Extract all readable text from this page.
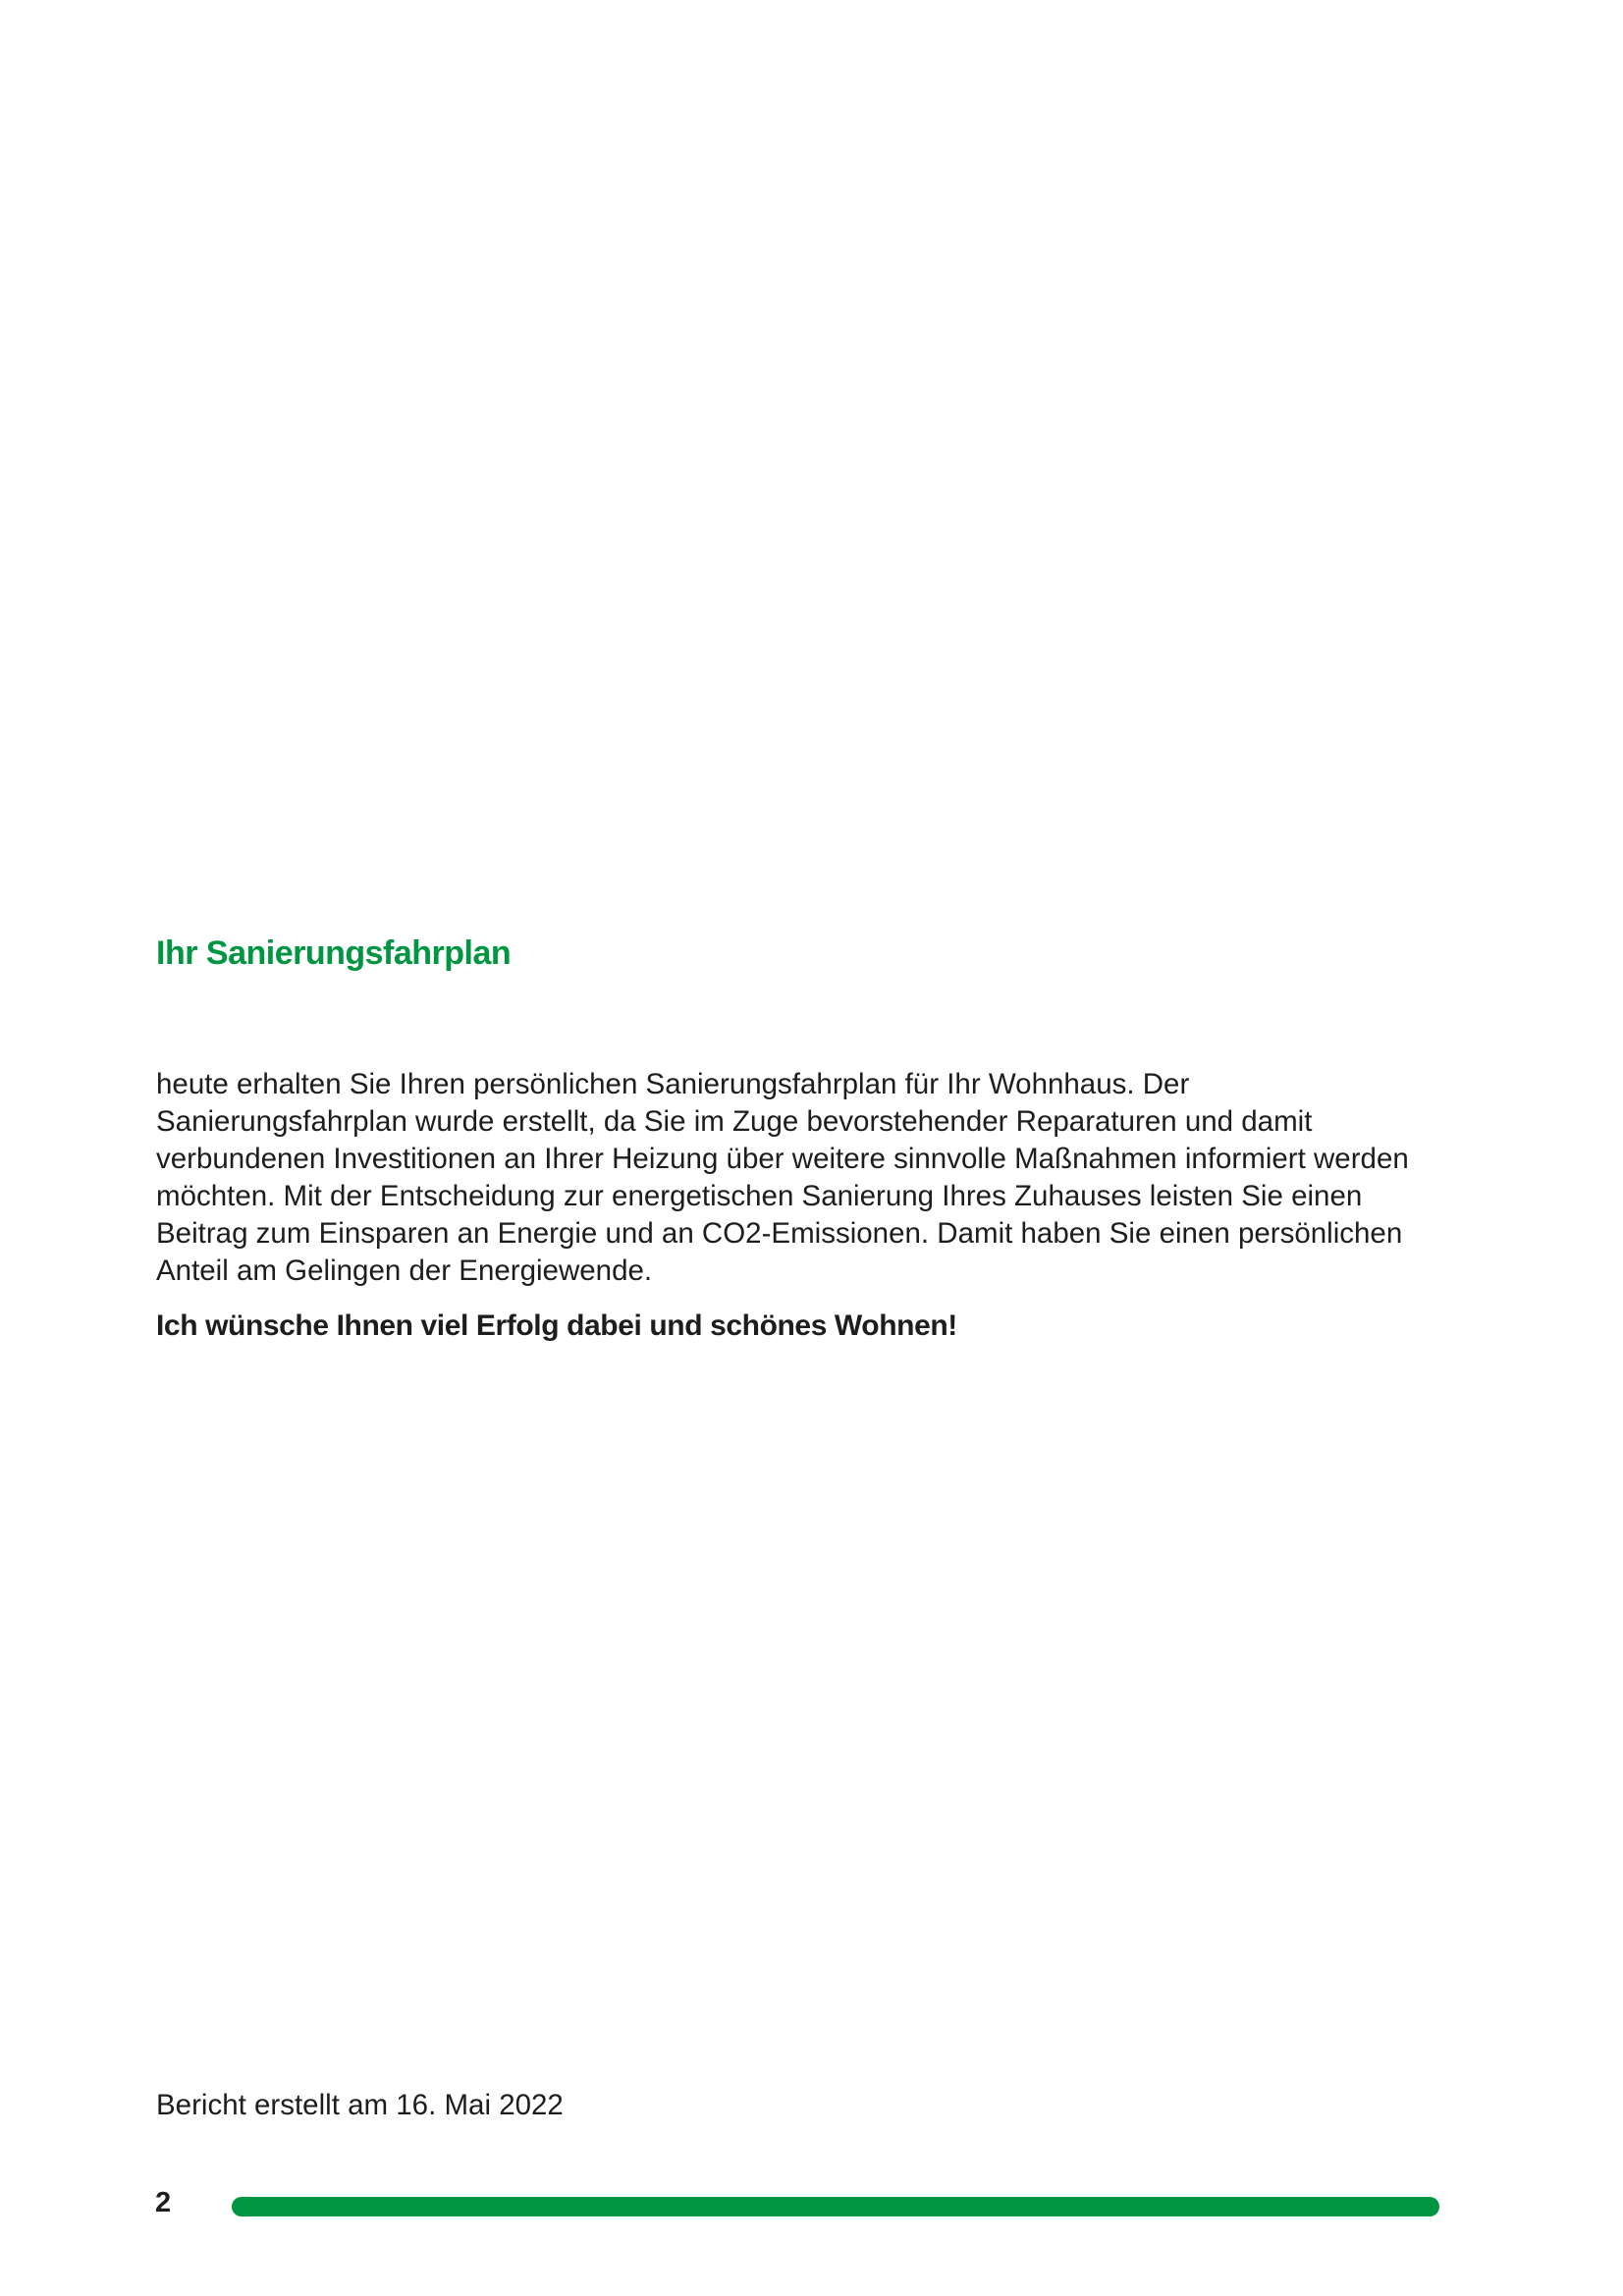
Ihr Sanierungsfahrplan

heute erhalten Sie Ihren persönlichen Sanierungsfahrplan für Ihr Wohnhaus. Der Sanierungsfahrplan wurde erstellt, da Sie im Zuge bevorstehender Reparaturen und damit verbundenen Investitionen an Ihrer Heizung über weitere sinnvolle Maßnahmen informiert werden möchten. Mit der Entscheidung zur energetischen Sanierung Ihres Zuhauses leisten Sie einen Beitrag zum Einsparen an Energie und an CO2-Emissionen. Damit haben Sie einen persönlichen Anteil am Gelingen der Energiewende.

Ich wünsche Ihnen viel Erfolg dabei und schönes Wohnen!

Bericht erstellt am 16. Mai 2022

2
